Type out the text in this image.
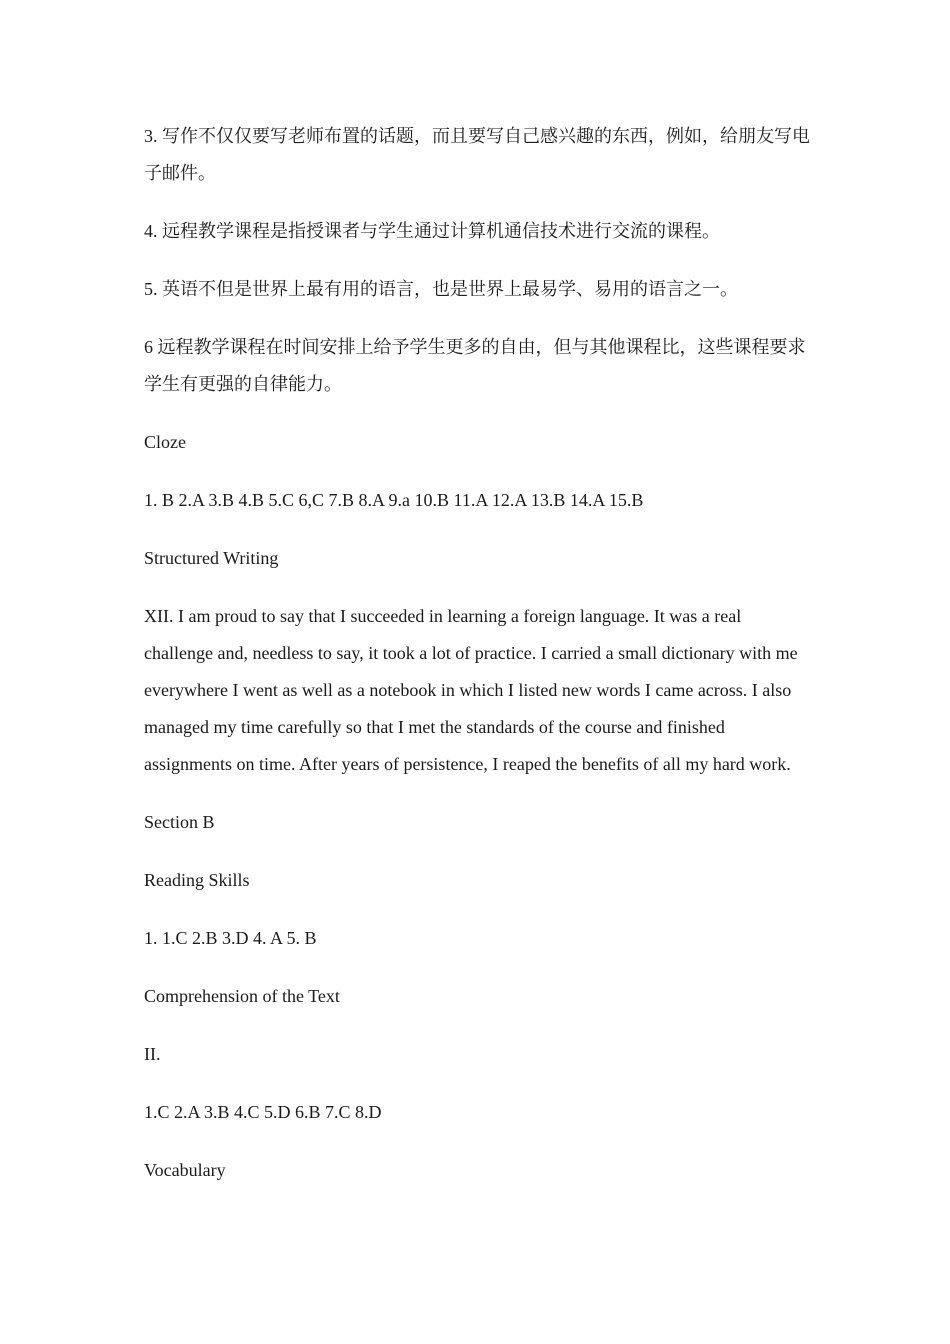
3. 写作不仅仅要写老师布置的话题，而且要写自己感兴趣的东西，例如，给朋友写电子邮件。

4. 远程教学课程是指授课者与学生通过计算机通信技术进行交流的课程。

5. 英语不但是世界上最有用的语言，也是世界上最易学、易用的语言之一。

6 远程教学课程在时间安排上给予学生更多的自由，但与其他课程比，这些课程要求学生有更强的自律能力。

Cloze

1. B 2.A 3.B 4.B 5.C 6,C 7.B 8.A 9.a 10.B 11.A 12.A 13.B 14.A 15.B

Structured Writing

XII. I am proud to say that I succeeded in learning a foreign language. It was a real challenge and, needless to say, it took a lot of practice. I carried a small dictionary with me everywhere I went as well as a notebook in which I listed new words I came across. I also managed my time carefully so that I met the standards of the course and finished assignments on time. After years of persistence, I reaped the benefits of all my hard work.

Section B

Reading Skills

1. 1.C 2.B 3.D 4. A 5. B

Comprehension of the Text

II.

1.C 2.A 3.B 4.C 5.D 6.B 7.C 8.D

Vocabulary
